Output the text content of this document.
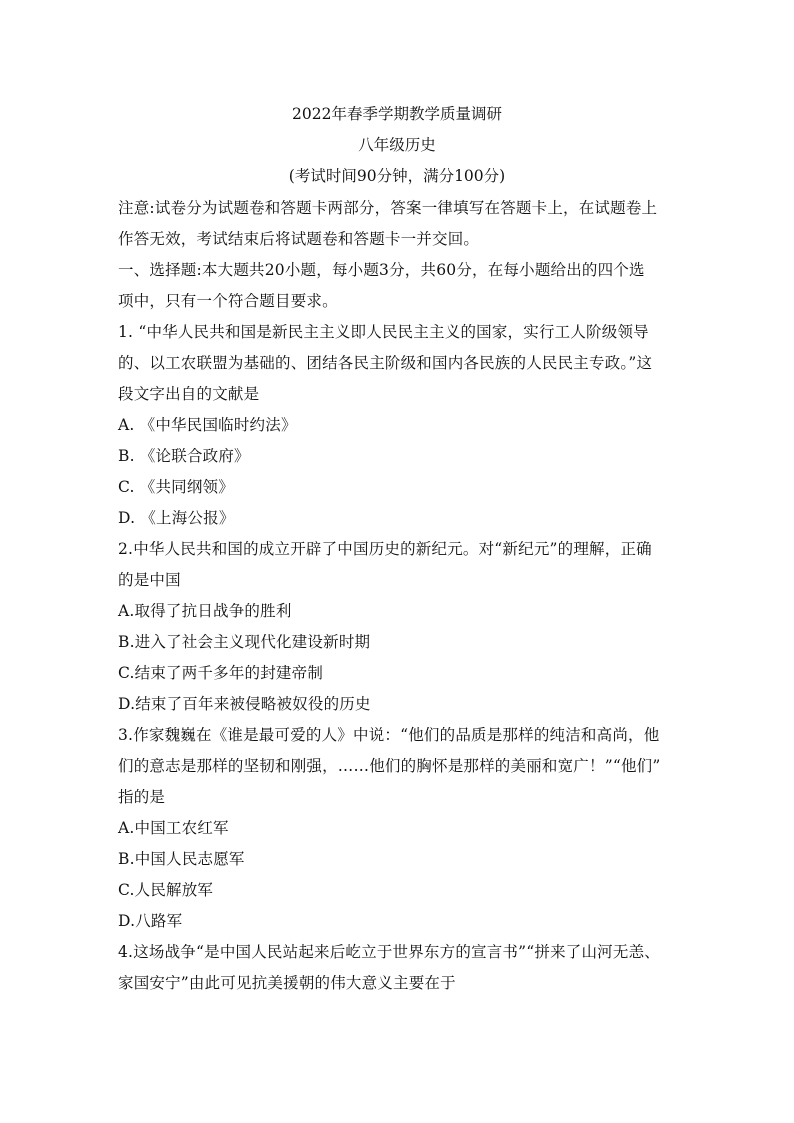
2022年春季学期教学质量调研
八年级历史
(考试时间90分钟，满分100分)
注意:试卷分为试题卷和答题卡两部分，答案一律填写在答题卡上，在试题卷上
作答无效，考试结束后将试题卷和答题卡一并交回。
一、选择题:本大题共20小题，每小题3分，共60分，在每小题给出的四个选
项中，只有一个符合题目要求。
1. “中华人民共和国是新民主主义即人民民主主义的国家，实行工人阶级领导
的、以工农联盟为基础的、团结各民主阶级和国内各民族的人民民主专政。”这
段文字出自的文献是
A. 《中华民国临时约法》
B. 《论联合政府》
C. 《共同纲领》
D. 《上海公报》
2.中华人民共和国的成立开辟了中国历史的新纪元。对“新纪元”的理解，正确
的是中国
A.取得了抗日战争的胜利
B.进入了社会主义现代化建设新时期
C.结束了两千多年的封建帝制
D.结束了百年来被侵略被奴役的历史
3.作家魏巍在《谁是最可爱的人》中说：“他们的品质是那样的纯洁和高尚，他
们的意志是那样的坚韧和刚强，……他们的胸怀是那样的美丽和宽广！”“他们”
指的是
A.中国工农红军
B.中国人民志愿军
C.人民解放军
D.八路军
4.这场战争“是中国人民站起来后屹立于世界东方的宣言书”“拼来了山河无恙、
家国安宁”由此可见抗美援朝的伟大意义主要在于
